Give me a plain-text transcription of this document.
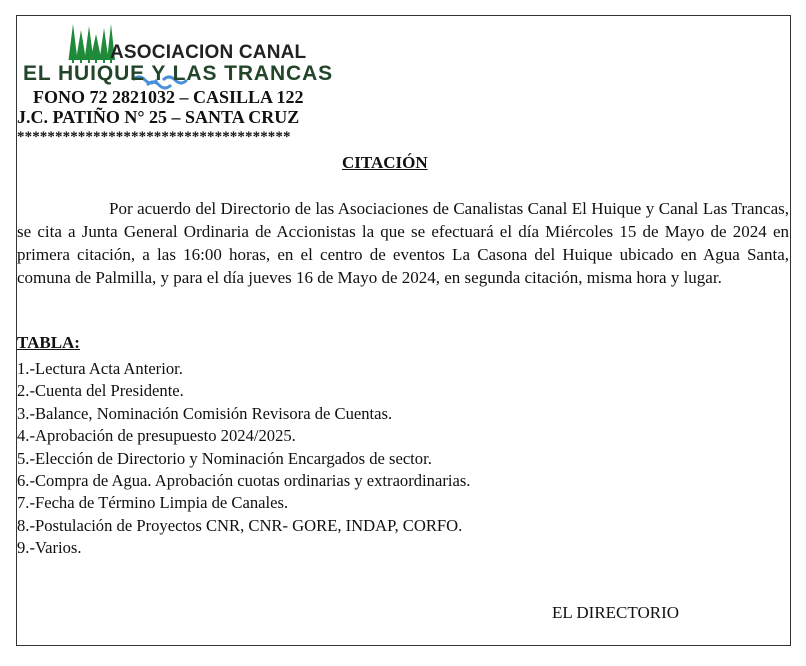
ASOCIACION CANAL
EL HUIQUE Y LAS TRANCAS
FONO 72 2821032 – CASILLA 122
J.C. PATIÑO N° 25 – SANTA CRUZ
************************************
CITACIÓN

Por acuerdo del Directorio de las Asociaciones de Canalistas Canal El Huique y Canal Las Trancas, se cita a Junta General Ordinaria de Accionistas la que se efectuará el día Miércoles 15 de Mayo de 2024 en primera citación, a las 16:00 horas, en el centro de eventos La Casona del Huique ubicado en Agua Santa, comuna de Palmilla, y para el día jueves 16 de Mayo de 2024, en segunda citación, misma hora y lugar.

TABLA:
1.-Lectura Acta Anterior.
2.-Cuenta del Presidente.
3.-Balance, Nominación Comisión Revisora de Cuentas.
4.-Aprobación de presupuesto 2024/2025.
5.-Elección de Directorio y Nominación Encargados de sector.
6.-Compra de Agua. Aprobación cuotas ordinarias y extraordinarias.
7.-Fecha de Término Limpia de Canales.
8.-Postulación de Proyectos CNR, CNR- GORE, INDAP, CORFO.
9.-Varios.
EL DIRECTORIO
